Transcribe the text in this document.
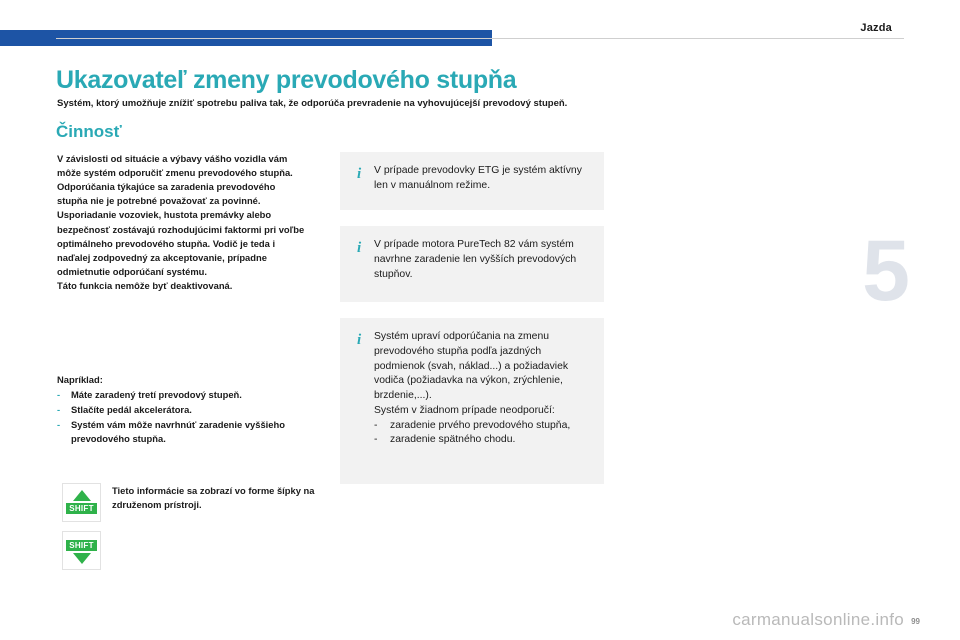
Jazda
5
Ukazovateľ zmeny prevodového stupňa
Systém, ktorý umožňuje znížiť spotrebu paliva tak, že odporúča prevradenie na vyhovujúcejší prevodový stupeň.
Činnosť

V závislosti od situácie a výbavy vášho vozidla vám môže systém odporučiť zmenu prevodového stupňa.

Odporúčania týkajúce sa zaradenia prevodového stupňa nie je potrebné považovať za povinné. Usporiadanie vozoviek, hustota premávky alebo bezpečnosť zostávajú rozhodujúcimi faktormi pri voľbe optimálneho prevodového stupňa. Vodič je teda i naďalej zodpovedný za akceptovanie, prípadne odmietnutie odporúčaní systému.

Táto funkcia nemôže byť deaktivovaná.

Napríklad:
-	Máte zaradený tretí prevodový stupeň.
-	Stlačíte pedál akcelerátora.
-	Systém vám môže navrhnúť zaradenie vyššieho prevodového stupňa.
SHIFT
SHIFT
Tieto informácie sa zobrazí vo forme šípky na združenom prístroji.
i V prípade prevodovky ETG je systém aktívny len v manuálnom režime.
i V prípade motora PureTech 82 vám systém navrhne zaradenie len vyšších prevodových stupňov.
i Systém upraví odporúčania na zmenu prevodového stupňa podľa jazdných podmienok (svah, náklad...) a požiadaviek vodiča (požiadavka na výkon, zrýchlenie, brzdenie,...).
Systém v žiadnom prípade neodporučí:
-	zaradenie prvého prevodového stupňa,
-	zaradenie spätného chodu.
carmanualsonline.info 99
